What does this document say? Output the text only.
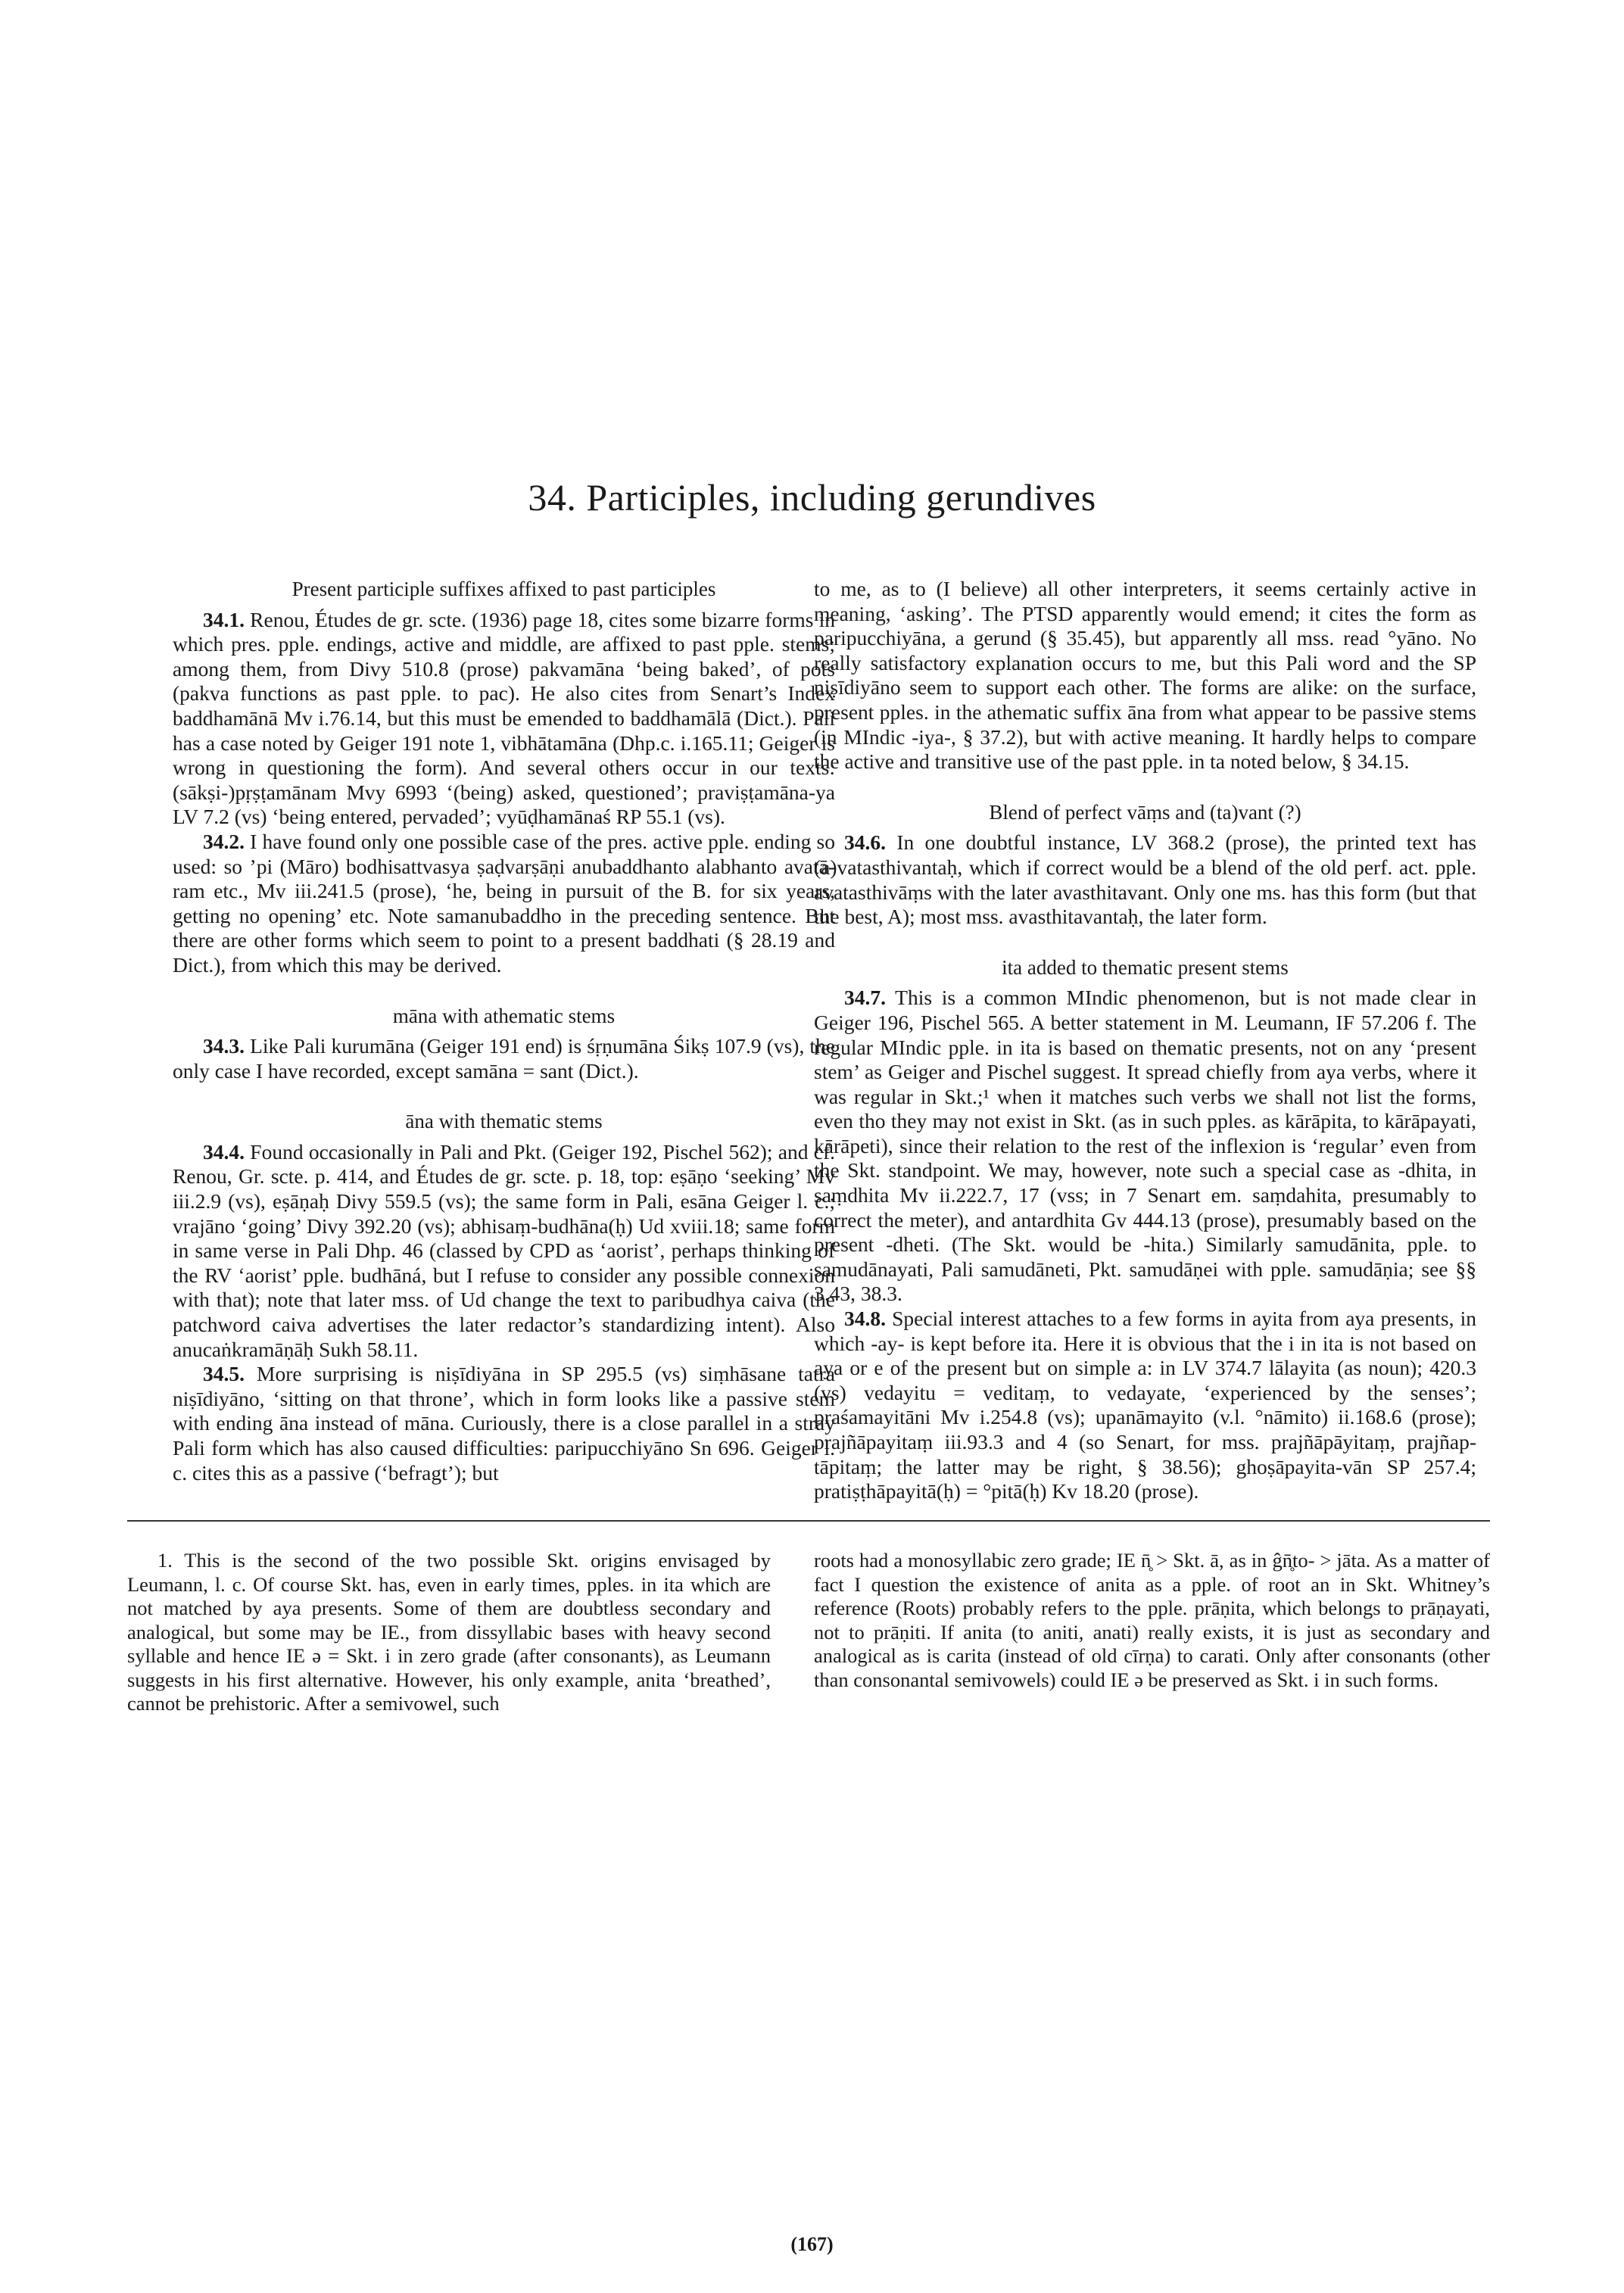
34. Participles, including gerundives

Present participle suffixes affixed to past participles

34.1. Renou, Études de gr. scte. (1936) page 18, cites some bizarre forms in which pres. pple. endings, active and middle, are affixed to past pple. stems; among them, from Divy 510.8 (prose) pakvamāna ‘being baked’, of pots (pakva functions as past pple. to pac). He also cites from Senart’s Index baddhamānā Mv i.76.14, but this must be emended to baddhamālā (Dict.). Pali has a case noted by Geiger 191 note 1, vibhātamāna (Dhp.c. i.165.11; Geiger is wrong in questioning the form). And several others occur in our texts: (sākṣi-)pṛṣṭamānam Mvy 6993 ‘(being) asked, questioned’; praviṣṭamāna-ya LV 7.2 (vs) ‘being entered, pervaded’; vyūḍhamānaś RP 55.1 (vs).

34.2. I have found only one possible case of the pres. active pple. ending so used: so ’pi (Māro) bodhisattvasya ṣaḍvarṣāṇi anubaddhanto alabhanto avatā-ram etc., Mv iii.241.5 (prose), ‘he, being in pursuit of the B. for six years, getting no opening’ etc. Note samanubaddho in the preceding sentence. But there are other forms which seem to point to a present baddhati (§ 28.19 and Dict.), from which this may be derived.

māna with athematic stems

34.3. Like Pali kurumāna (Geiger 191 end) is śṛṇumāna Śikṣ 107.9 (vs), the only case I have recorded, except samāna = sant (Dict.).

āna with thematic stems

34.4. Found occasionally in Pali and Pkt. (Geiger 192, Pischel 562); and cf. Renou, Gr. scte. p. 414, and Études de gr. scte. p. 18, top: eṣāṇo ‘seeking’ Mv iii.2.9 (vs), eṣāṇaḥ Divy 559.5 (vs); the same form in Pali, esāna Geiger l. c.; vrajāno ‘going’ Divy 392.20 (vs); abhisaṃ-budhāna(ḥ) Ud xviii.18; same form in same verse in Pali Dhp. 46 (classed by CPD as ‘aorist’, perhaps thinking of the RV ‘aorist’ pple. budhāná, but I refuse to consider any possible connexion with that); note that later mss. of Ud change the text to paribudhya caiva (the patchword caiva advertises the later redactor’s standardizing intent). Also anucaṅkramāṇāḥ Sukh 58.11.

34.5. More surprising is niṣīdiyāna in SP 295.5 (vs) siṃhāsane tatra niṣīdiyāno, ‘sitting on that throne’, which in form looks like a passive stem with ending āna instead of māna. Curiously, there is a close parallel in a stray Pali form which has also caused difficulties: paripucchiyāno Sn 696. Geiger l. c. cites this as a passive (‘befragt’); but

to me, as to (I believe) all other interpreters, it seems certainly active in meaning, ‘asking’. The PTSD apparently would emend; it cites the form as paripucchiyāna, a gerund (§ 35.45), but apparently all mss. read °yāno. No really satisfactory explanation occurs to me, but this Pali word and the SP niṣīdiyāno seem to support each other. The forms are alike: on the surface, present pples. in the athematic suffix āna from what appear to be passive stems (in MIndic -iya-, § 37.2), but with active meaning. It hardly helps to compare the active and transitive use of the past pple. in ta noted below, § 34.15.

Blend of perfect vāṃs and (ta)vant (?)

34.6. In one doubtful instance, LV 368.2 (prose), the printed text has (a)vatasthivantaḥ, which if correct would be a blend of the old perf. act. pple. avatasthivāṃs with the later avasthitavant. Only one ms. has this form (but that the best, A); most mss. avasthitavantaḥ, the later form.

ita added to thematic present stems

34.7. This is a common MIndic phenomenon, but is not made clear in Geiger 196, Pischel 565. A better statement in M. Leumann, IF 57.206 f. The regular MIndic pple. in ita is based on thematic presents, not on any ‘present stem’ as Geiger and Pischel suggest. It spread chiefly from aya verbs, where it was regular in Skt.;¹ when it matches such verbs we shall not list the forms, even tho they may not exist in Skt. (as in such pples. as kārāpita, to kārāpayati, kārāpeti), since their relation to the rest of the inflexion is ‘regular’ even from the Skt. standpoint. We may, however, note such a special case as -dhita, in saṃdhita Mv ii.222.7, 17 (vss; in 7 Senart em. saṃdahita, presumably to correct the meter), and antardhita Gv 444.13 (prose), presumably based on the present -dheti. (The Skt. would be -hita.) Similarly samudānita, pple. to samudānayati, Pali samudāneti, Pkt. samudāṇei with pple. samudāṇia; see §§ 3.43, 38.3.

34.8. Special interest attaches to a few forms in ayita from aya presents, in which -ay- is kept before ita. Here it is obvious that the i in ita is not based on aya or e of the present but on simple a: in LV 374.7 lālayita (as noun); 420.3 (vs) vedayitu = veditaṃ, to vedayate, ‘experienced by the senses’; praśamayitāni Mv i.254.8 (vs); upanāmayito (v.l. °nāmito) ii.168.6 (prose); prajñāpayitaṃ iii.93.3 and 4 (so Senart, for mss. prajñāpāyitaṃ, prajñap-tāpitaṃ; the latter may be right, § 38.56); ghoṣāpayita-vān SP 257.4; pratiṣṭhāpayitā(ḥ) = °pitā(ḥ) Kv 18.20 (prose).

1. This is the second of the two possible Skt. origins envisaged by Leumann, l. c. Of course Skt. has, even in early times, pples. in ita which are not matched by aya presents. Some of them are doubtless secondary and analogical, but some may be IE., from dissyllabic bases with heavy second syllable and hence IE ə = Skt. i in zero grade (after consonants), as Leumann suggests in his first alternative. However, his only example, anita ‘breathed’, cannot be prehistoric. After a semivowel, such

roots had a monosyllabic zero grade; IE n̥̄ > Skt. ā, as in ĝn̥̄to- > jāta. As a matter of fact I question the existence of anita as a pple. of root an in Skt. Whitney’s reference (Roots) probably refers to the pple. prāṇita, which belongs to prāṇayati, not to prāṇiti. If anita (to aniti, anati) really exists, it is just as secondary and analogical as is carita (instead of old cīrṇa) to carati. Only after consonants (other than consonantal semivowels) could IE ə be preserved as Skt. i in such forms.

(167)
